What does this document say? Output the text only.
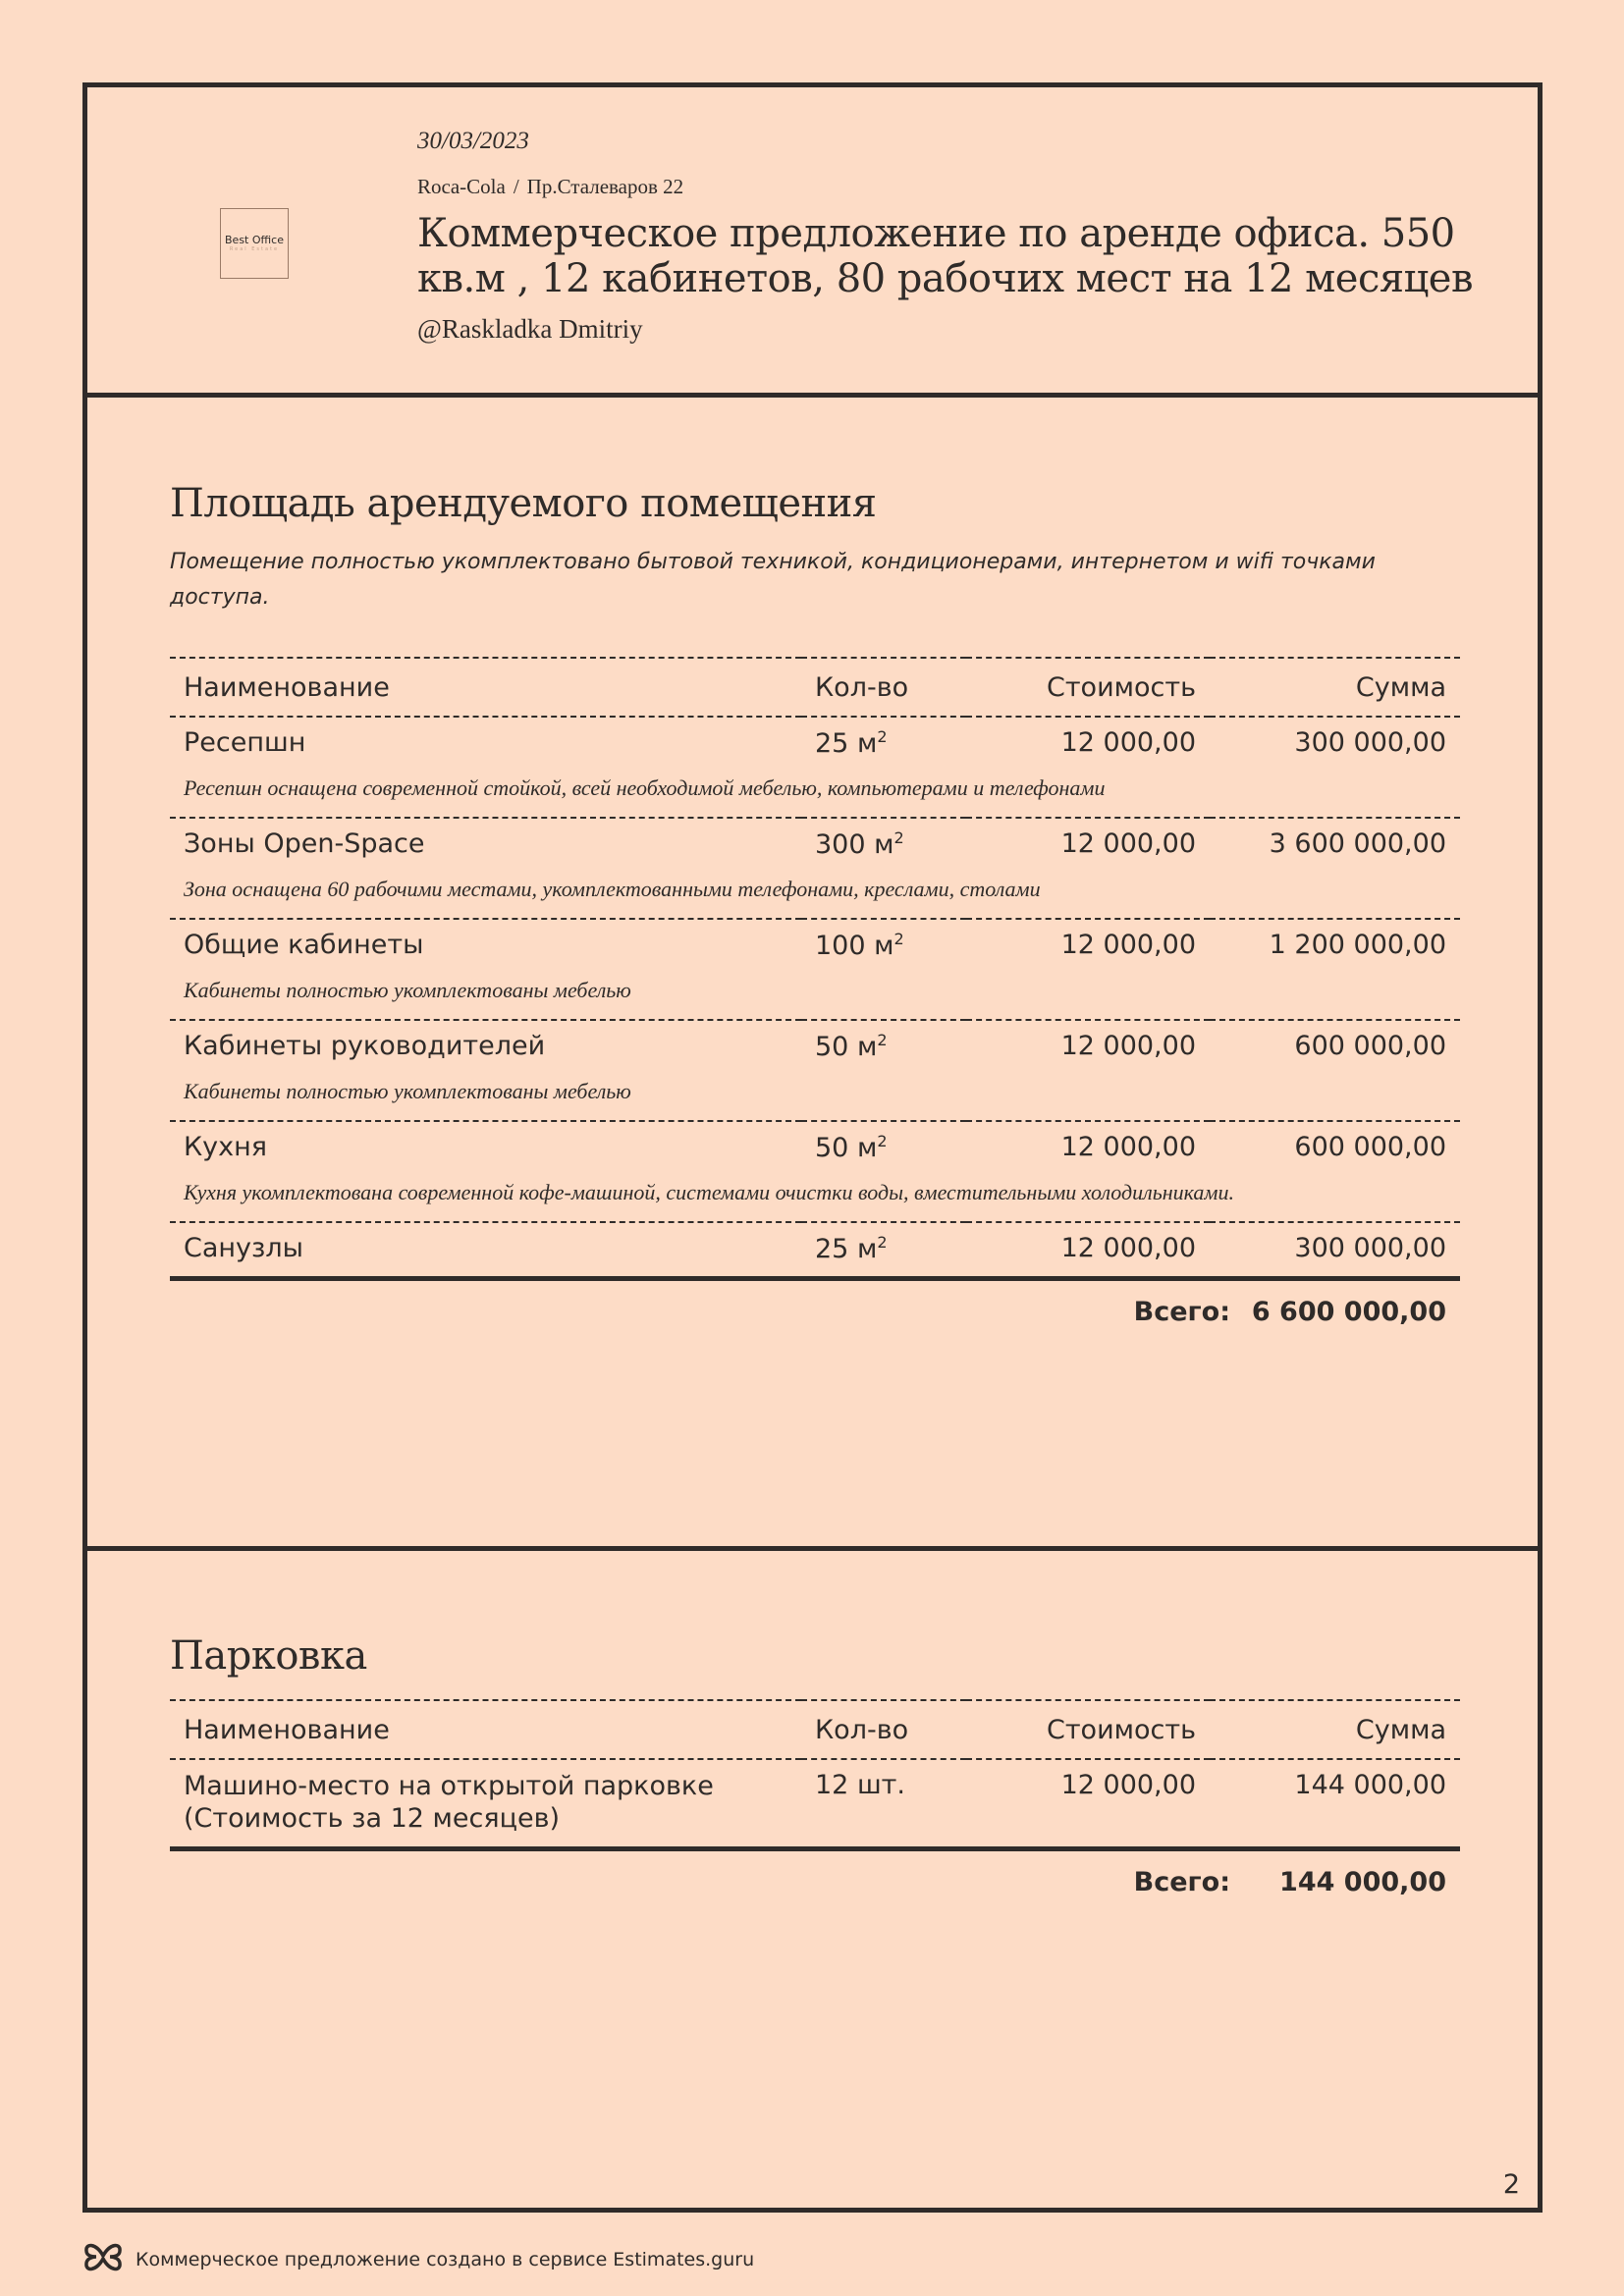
Best Office
Real Estate

30/03/2023

Roca-Cola / Пр.Сталеваров 22
Коммерческое предложение по аренде офиса. 550 кв.м , 12 кабинетов, 80 рабочих мест на 12 месяцев
@Raskladka Dmitriy
Площадь арендуемого помещения
Помещение полностью укомплектовано бытовой техникой, кондиционерами, интернетом и wifi точками доступа.
Наименование	Кол-во	Стоимость	Сумма
Ресепшн	25 $м^2$	12 000,00	300 000,00
Ресепшн оснащена современной стойкой, всей необходимой мебелью, компьютерами и телефонами			
Зоны Open-Space	300 $м^2$	12 000,00	3 600 000,00
Зона оснащена 60 рабочими местами, укомплектованными телефонами, креслами, столами			
Общие кабинеты	100 $м^2$	12 000,00	1 200 000,00
Кабинеты полностью укомплектованы мебелью			
Кабинеты руководителей	50 $м^2$	12 000,00	600 000,00
Кабинеты полностью укомплектованы мебелью			
Кухня	50 $м^2$	12 000,00	600 000,00
Кухня укомплектована современной кофе-машиной, системами очистки воды, вместительными холодильниками.			
Санузлы	25 $м^2$	12 000,00	300 000,00
Всего: 6 600 000,00
Парковка
Наименование	Кол-во	Стоимость	Сумма
Машино-место на открытой парковке (Стоимость за 12 месяцев)	12 шт.	12 000,00	144 000,00
Всего:	144 000,00
2
Коммерческое предложение создано в сервисе Estimates.guru
